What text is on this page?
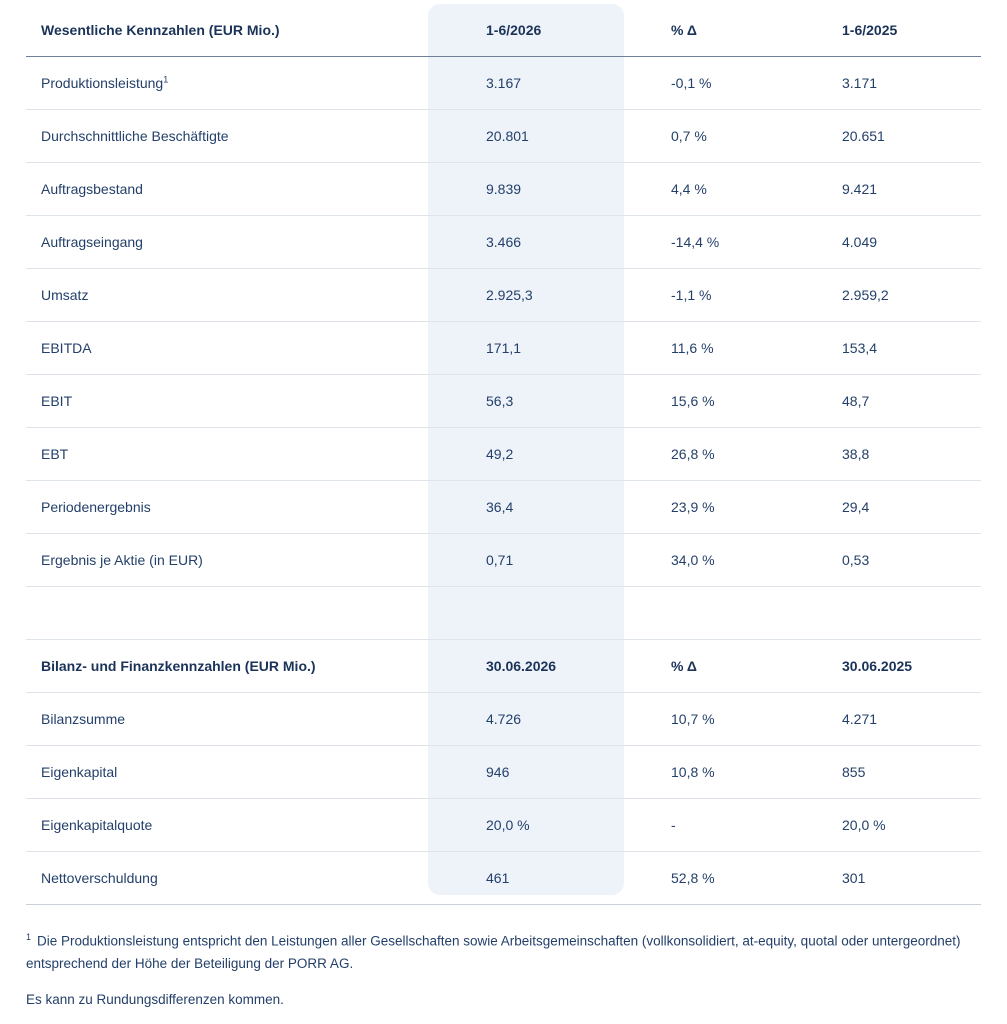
Wesentliche Kennzahlen (EUR Mio.)	1-6/2026	% Δ	1-6/2025
Produktionsleistung$^1$	3.167	-0,1 %	3.171
Durchschnittliche Beschäftigte	20.801	0,7 %	20.651
Auftragsbestand	9.839	4,4 %	9.421
Auftragseingang	3.466	-14,4 %	4.049
Umsatz	2.925,3	-1,1 %	2.959,2
EBITDA	171,1	11,6 %	153,4
EBIT	56,3	15,6 %	48,7
EBT	49,2	26,8 %	38,8
Periodenergebnis	36,4	23,9 %	29,4
Ergebnis je Aktie (in EUR)	0,71	34,0 %	0,53

Bilanz- und Finanzkennzahlen (EUR Mio.)	30.06.2026	% Δ	30.06.2025
Bilanzsumme	4.726	10,7 %	4.271
Eigenkapital	946	10,8 %	855
Eigenkapitalquote	20,0 %	-	20,0 %
Nettoverschuldung	461	52,8 %	301
$^1$ Die Produktionsleistung entspricht den Leistungen aller Gesellschaften sowie Arbeitsgemeinschaften (vollkonsolidiert, at-equity, quotal oder untergeordnet) entsprechend der Höhe der Beteiligung der PORR AG.
Es kann zu Rundungsdifferenzen kommen.
